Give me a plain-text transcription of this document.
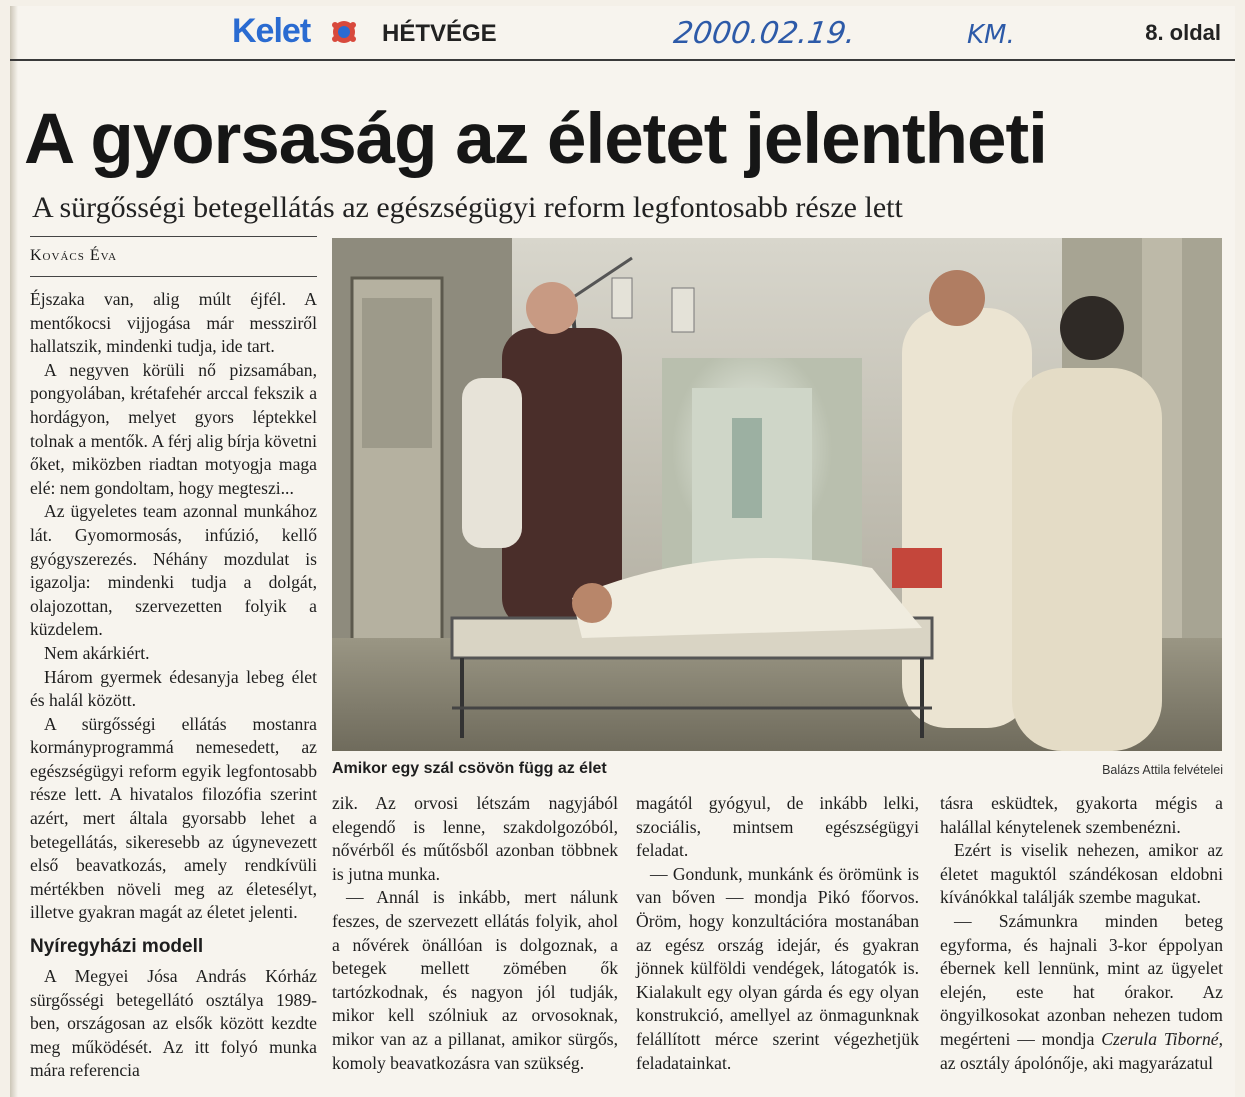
Kelet	HÉTVÉGE	2000.02.19.	KM.	8. oldal
A gyorsaság az életet jelentheti
A sürgősségi betegellátás az egészségügyi reform legfontosabb része lett
Kovács Éva

Éjszaka van, alig múlt éjfél. A mentőkocsi vijjogása már messziről hallatszik, mindenki tudja, ide tart.

A negyven körüli nő pizsamában, pongyolában, krétafehér arccal fekszik a hordágyon, melyet gyors léptekkel tolnak a mentők. A férj alig bírja követni őket, miközben riadtan motyogja maga elé: nem gondoltam, hogy megteszi...

Az ügyeletes team azonnal munkához lát. Gyomormosás, infúzió, kellő gyógyszerezés. Néhány mozdulat is igazolja: mindenki tudja a dolgát, olajozottan, szervezetten folyik a küzdelem.

Nem akárkiért.

Három gyermek édesanyja lebeg élet és halál között.

A sürgősségi ellátás mostanra kormányprogrammá nemesedett, az egészségügyi reform egyik legfontosabb része lett. A hivatalos filozófia szerint azért, mert általa gyorsabb lehet a betegellátás, sikeresebb az úgynevezett első beavatkozás, amely rendkívüli mértékben növeli meg az életesélyt, illetve gyakran magát az életet jelenti.

Nyíregyházi modell

A Megyei Jósa András Kórház sürgősségi betegellátó osztálya 1989-ben, országosan az elsők között kezdte meg működését. Az itt folyó munka mára referencia

Amikor egy szál csövön függ az élet	Balázs Attila felvételei

zik. Az orvosi létszám nagyjából elegendő is lenne, szakdolgozóból, nővérből és műtősből azonban többnek is jutna munka.

— Annál is inkább, mert nálunk feszes, de szervezett ellátás folyik, ahol a nővérek önállóan is dolgoznak, a betegek mellett zömében ők tartózkodnak, és nagyon jól tudják, mikor kell szólniuk az orvosoknak, mikor van az a pillanat, amikor sürgős, komoly beavatkozásra van szükség.

magától gyógyul, de inkább lelki, szociális, mintsem egészségügyi feladat.

— Gondunk, munkánk és örömünk is van bőven — mondja Pikó főorvos. Öröm, hogy konzultációra mostanában az egész ország idejár, és gyakran jönnek külföldi vendégek, látogatók is. Kialakult egy olyan gárda és egy olyan konstrukció, amellyel az önmagunknak felállított mérce szerint végezhetjük feladatainkat.

tásra esküdtek, gyakorta mégis a halállal kénytelenek szembenézni.

Ezért is viselik nehezen, amikor az életet maguktól szándékosan eldobni kívánókkal találják szembe magukat.

— Számunkra minden beteg egyforma, és hajnali 3-kor éppolyan ébernek kell lennünk, mint az ügyelet elején, este hat órakor. Az öngyilkosokat azonban nehezen tudom megérteni — mondja Czerula Tiborné, az osztály ápolónője, aki magyarázatul
